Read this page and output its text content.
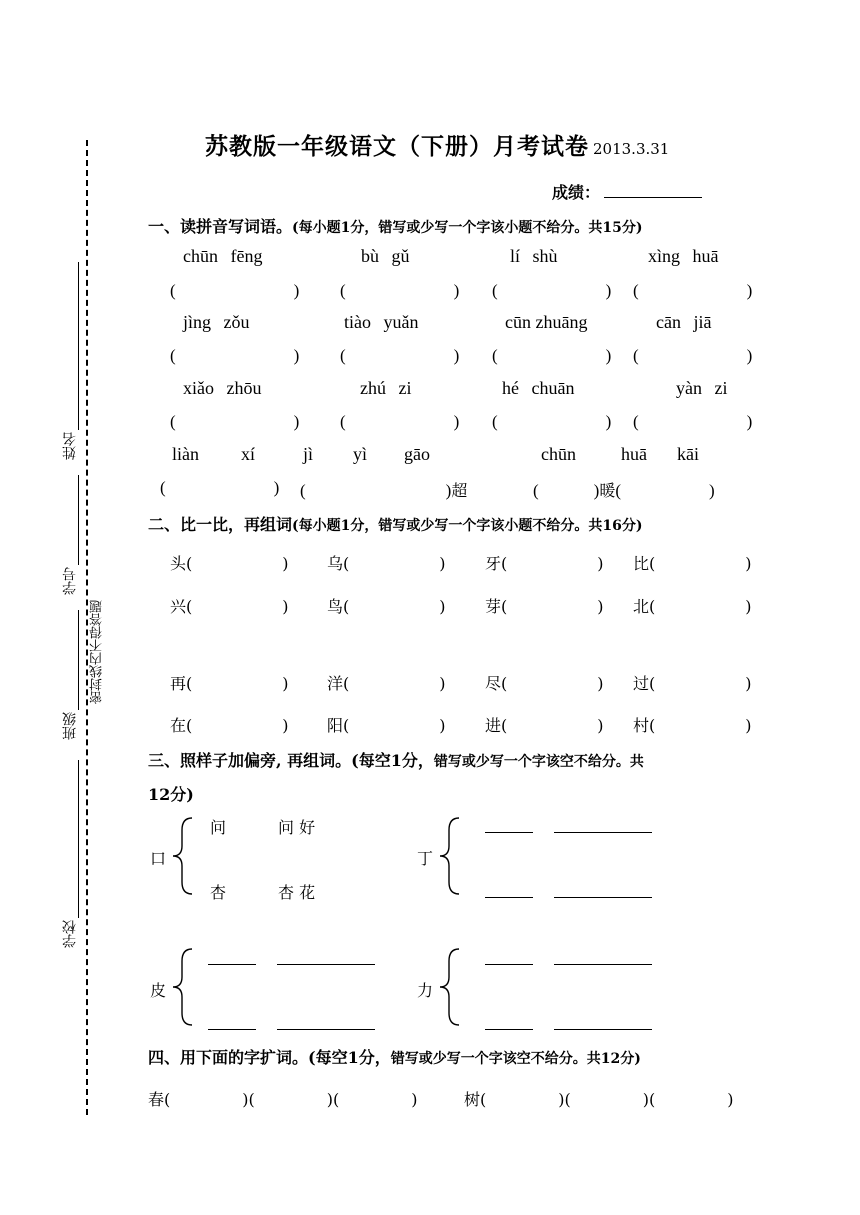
姓名
学号
班级
学校
密封线内不得答题
苏教版一年级语文（下册）月考试卷 2013.3.31
成绩：
一、读拼音写词语。(每小题1分，错写或少写一个字该小题不给分。共15分)
chūn fēng	bù gǔ	lí shù	xìng huā
(	) (	) (	) (	)
jìng zǒu	tiào yuǎn	cūn zhuāng	cān jiā
(	) (	) (	) (	)
xiǎo zhōu	zhú zi	hé chuān	yàn zi
(	) (	) (	) (	)
liàn xí	jì yì gāo	chūn	huā kāi
(	) (	)超	(	)暖(	)
二、比一比，再组词(每小题1分，错写或少写一个字该小题不给分。共16分)
头(	) 乌(	) 牙(	) 比(	)
兴(	) 鸟(	) 芽(	) 北(	)
再(	) 洋(	) 尽(	) 过(	)
在(	) 阳(	) 进(	) 村(	)
三、照样子加偏旁, 再组词。(每空1分，错写或少写一个字该空不给分。共
12分)
口
问	问 好
杏	杏 花
丁
皮	力
四、用下面的字扩词。(每空1分，错写或少写一个字该空不给分。共12分)
春(	)(	)(	)	树(	)(	)(	)
